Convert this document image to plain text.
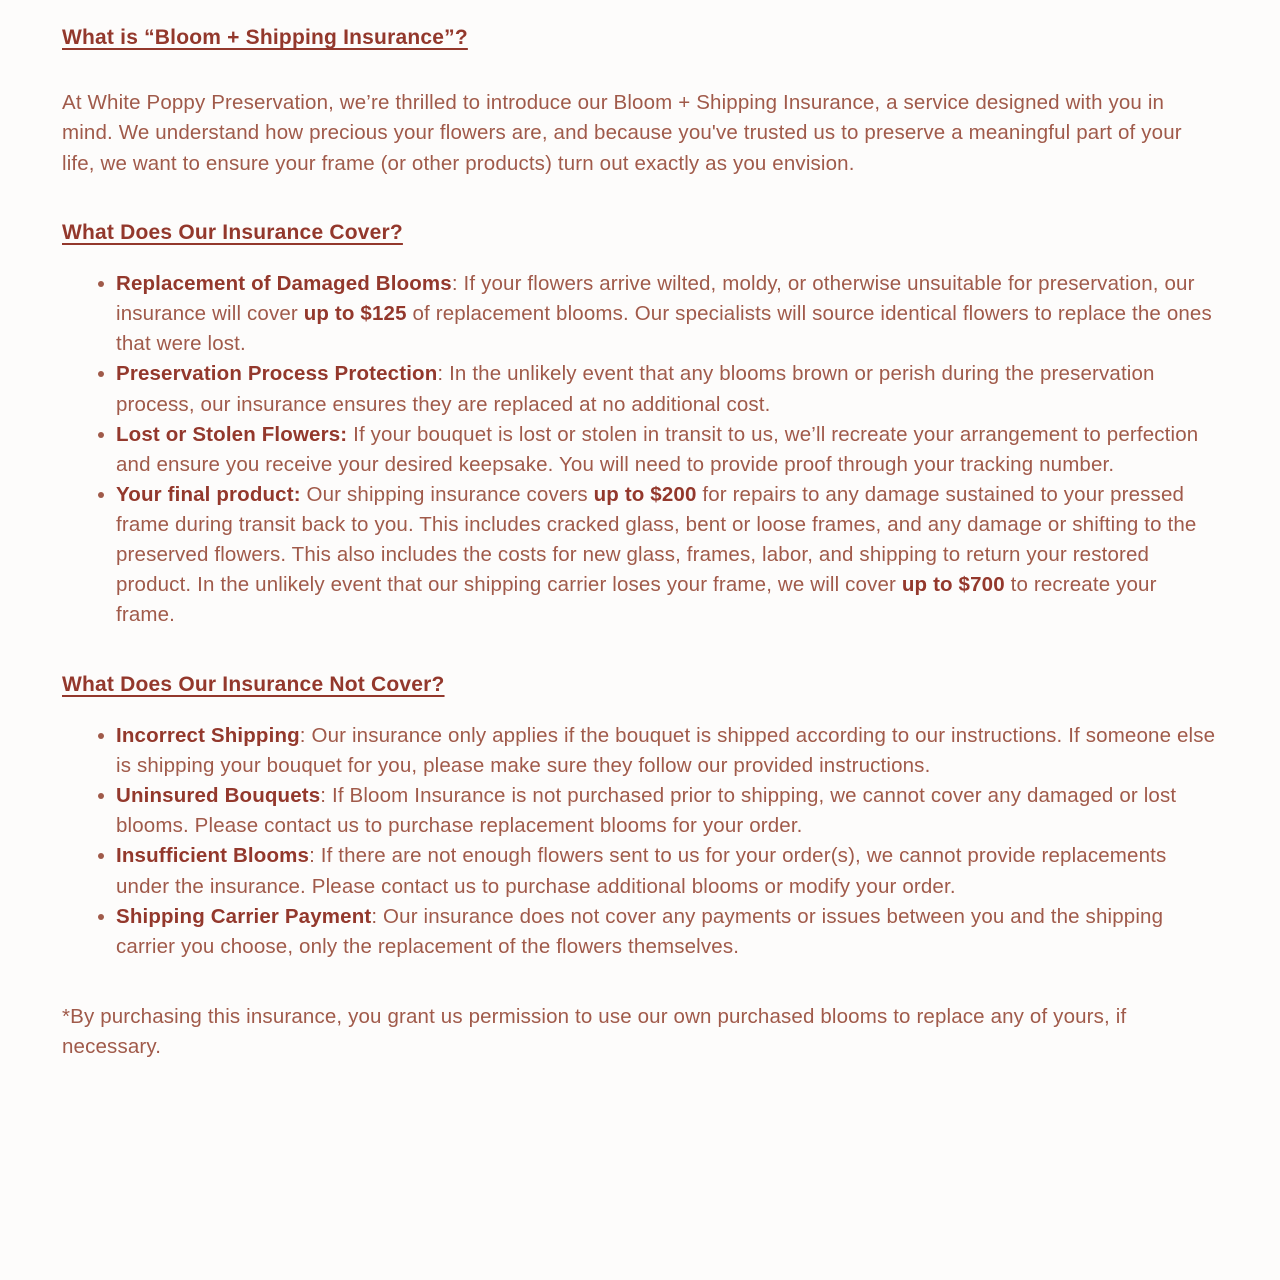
What is “Bloom + Shipping Insurance”?

At White Poppy Preservation, we’re thrilled to introduce our Bloom + Shipping Insurance, a service designed with you in mind. We understand how precious your flowers are, and because you've trusted us to preserve a meaningful part of your life, we want to ensure your frame (or other products) turn out exactly as you envision.

What Does Our Insurance Cover?
Replacement of Damaged Blooms: If your flowers arrive wilted, moldy, or otherwise unsuitable for preservation, our insurance will cover up to $125 of replacement blooms. Our specialists will source identical flowers to replace the ones that were lost.
Preservation Process Protection: In the unlikely event that any blooms brown or perish during the preservation process, our insurance ensures they are replaced at no additional cost.
Lost or Stolen Flowers: If your bouquet is lost or stolen in transit to us, we’ll recreate your arrangement to perfection and ensure you receive your desired keepsake. You will need to provide proof through your tracking number.
Your final product: Our shipping insurance covers up to $200 for repairs to any damage sustained to your pressed frame during transit back to you. This includes cracked glass, bent or loose frames, and any damage or shifting to the preserved flowers. This also includes the costs for new glass, frames, labor, and shipping to return your restored product. In the unlikely event that our shipping carrier loses your frame, we will cover up to $700 to recreate your frame.
What Does Our Insurance Not Cover?
Incorrect Shipping: Our insurance only applies if the bouquet is shipped according to our instructions. If someone else is shipping your bouquet for you, please make sure they follow our provided instructions.
Uninsured Bouquets: If Bloom Insurance is not purchased prior to shipping, we cannot cover any damaged or lost blooms. Please contact us to purchase replacement blooms for your order.
Insufficient Blooms: If there are not enough flowers sent to us for your order(s), we cannot provide replacements under the insurance. Please contact us to purchase additional blooms or modify your order.
Shipping Carrier Payment: Our insurance does not cover any payments or issues between you and the shipping carrier you choose, only the replacement of the flowers themselves.

*By purchasing this insurance, you grant us permission to use our own purchased blooms to replace any of yours, if necessary.
